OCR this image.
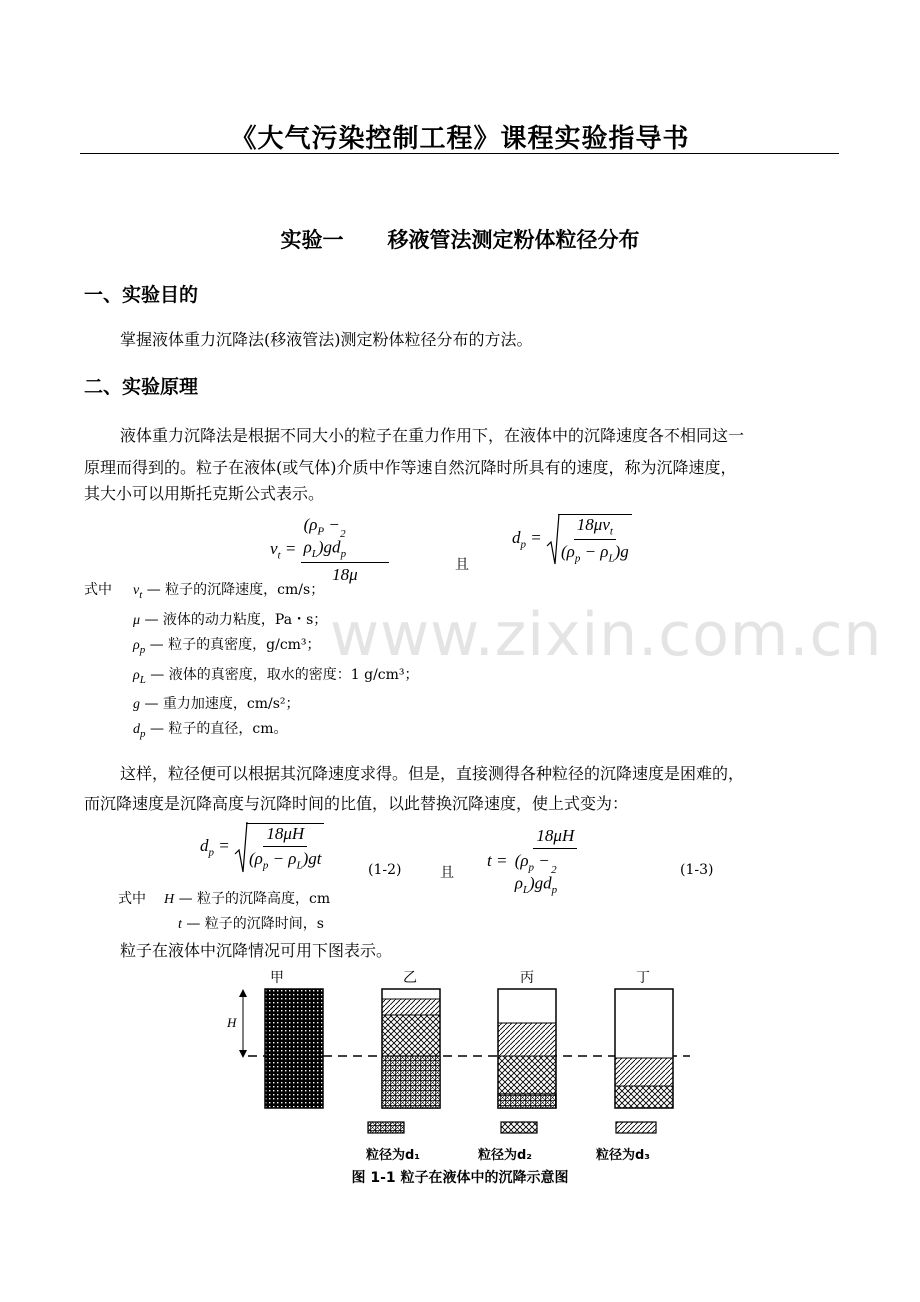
《大气污染控制工程》课程实验指导书
实验一 移液管法测定粉体粒径分布
一、实验目的
掌握液体重力沉降法(移液管法)测定粉体粒径分布的方法。
二、实验原理
液体重力沉降法是根据不同大小的粒子在重力作用下，在液体中的沉降速度各不相同这一
原理而得到的。粒子在液体(或气体)介质中作等速自然沉降时所具有的速度，称为沉降速度，
其大小可以用斯托克斯公式表示。
$v_t = \frac{(\rho_P - \rho_L)gd_p^2}{18\mu}$	且
$d_p = \frac{18\mu v_t}{(\rho_p - \rho_L)g}$
式中 $v_t$ — 粒子的沉降速度，cm/s；
μ — 液体的动力粘度，Pa・s；
$\rho_p$ — 粒子的真密度，g/cm³；
$\rho_L$ — 液体的真密度，取水的密度：1 g/cm³；
g — 重力加速度，cm/s²；
$d_p$ — 粒子的直径，cm。
www.zixin.com.cn
这样，粒径便可以根据其沉降速度求得。但是，直接测得各种粒径的沉降速度是困难的，
而沉降速度是沉降高度与沉降时间的比值，以此替换沉降速度，使上式变为：
$d_p = \frac{18\mu H}{(\rho_p - \rho_L)gt}$	(1-2)	且
$t = \frac{18\mu H}{(\rho_p - \rho_L)gd_p^2}$	(1-3)
式中 H — 粒子的沉降高度，cm
t — 粒子的沉降时间，s
粒子在液体中沉降情况可用下图表示。
H
甲	乙	丙	丁
粒径为d₁	粒径为d₂	粒径为d₃
图 1-1 粒子在液体中的沉降示意图
